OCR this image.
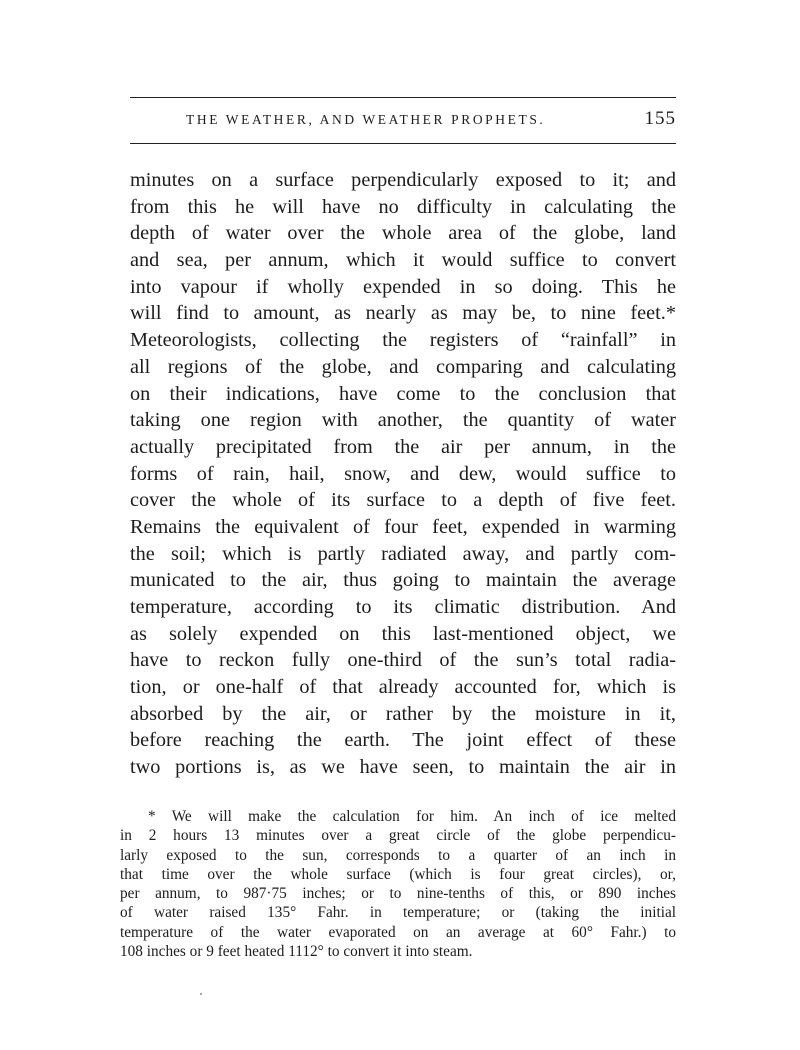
THE WEATHER, AND WEATHER PROPHETS.	155
minutes on a surface perpendicularly exposed to it; and
from this he will have no difficulty in calculating the
depth of water over the whole area of the globe, land
and sea, per annum, which it would suffice to convert
into vapour if wholly expended in so doing. This he
will find to amount, as nearly as may be, to nine feet.*
Meteorologists, collecting the registers of “rainfall” in
all regions of the globe, and comparing and calculating
on their indications, have come to the conclusion that
taking one region with another, the quantity of water
actually precipitated from the air per annum, in the
forms of rain, hail, snow, and dew, would suffice to
cover the whole of its surface to a depth of five feet.
Remains the equivalent of four feet, expended in warming
the soil; which is partly radiated away, and partly com-
municated to the air, thus going to maintain the average
temperature, according to its climatic distribution. And
as solely expended on this last-mentioned object, we
have to reckon fully one-third of the sun’s total radia-
tion, or one-half of that already accounted for, which is
absorbed by the air, or rather by the moisture in it,
before reaching the earth. The joint effect of these
two portions is, as we have seen, to maintain the air in
* We will make the calculation for him. An inch of ice melted
in 2 hours 13 minutes over a great circle of the globe perpendicu-
larly exposed to the sun, corresponds to a quarter of an inch in
that time over the whole surface (which is four great circles), or,
per annum, to 987·75 inches; or to nine-tenths of this, or 890 inches
of water raised 135° Fahr. in temperature; or (taking the initial
temperature of the water evaporated on an average at 60° Fahr.) to
108 inches or 9 feet heated 1112° to convert it into steam.
